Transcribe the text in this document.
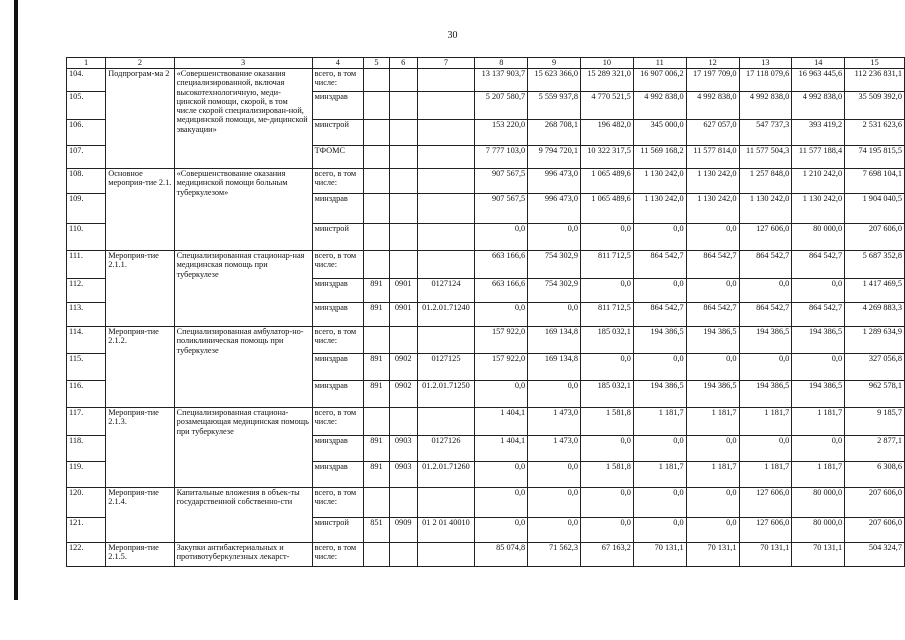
30
1	2	3	4	5	6	7	8	9	10	11	12	13	14	15
104.	Подпрограм-ма 2	«Совершенствование оказания специализированной, включая высокотехнологичную, меди-цинской помощи, скорой, в том числе скорой специализирован-ной, медицинской помощи, ме-дицинской эвакуации»	всего, в том числе:				13 137 903,7	15 623 366,0	15 289 321,0	16 907 006,2	17 197 709,0	17 118 079,6	16 963 445,6	112 236 831,1
105.			минздрав				5 207 580,7	5 559 937,8	4 770 521,5	4 992 838,0	4 992 838,0	4 992 838,0	4 992 838,0	35 509 392,0
106.			минстрой				153 220,0	268 708,1	196 482,0	345 000,0	627 057,0	547 737,3	393 419,2	2 531 623,6
107.			ТФОМС				7 777 103,0	9 794 720,1	10 322 317,5	11 569 168,2	11 577 814,0	11 577 504,3	11 577 188,4	74 195 815,5
108.	Основное мероприя-тие 2.1.	«Совершенствование оказания медицинской помощи больным туберкулезом»	всего, в том числе:				907 567,5	996 473,0	1 065 489,6	1 130 242,0	1 130 242,0	1 257 848,0	1 210 242,0	7 698 104,1
109.			минздрав				907 567,5	996 473,0	1 065 489,6	1 130 242,0	1 130 242,0	1 130 242,0	1 130 242,0	1 904 040,5
110.			минстрой				0,0	0,0	0,0	0,0	0,0	127 606,0	80 000,0	207 606,0
111.	Мероприя-тие 2.1.1.	Специализированная стационар-ная медицинская помощь при туберкулезе	всего, в том числе:				663 166,6	754 302,9	811 712,5	864 542,7	864 542,7	864 542,7	864 542,7	5 687 352,8
112.			минздрав	891	0901	0127124	663 166,6	754 302,9	0,0	0,0	0,0	0,0	0,0	1 417 469,5
113.			минздрав	891	0901	01.2.01.71240	0,0	0,0	811 712,5	864 542,7	864 542,7	864 542,7	864 542,7	4 269 883,3
114.	Мероприя-тие 2.1.2.	Специализированная амбулатор-но-поликлиническая помощь при туберкулезе	всего, в том числе:				157 922,0	169 134,8	185 032,1	194 386,5	194 386,5	194 386,5	194 386,5	1 289 634,9
115.			минздрав	891	0902	0127125	157 922,0	169 134,8	0,0	0,0	0,0	0,0	0,0	327 056,8
116.			минздрав	891	0902	01.2.01.71250	0,0	0,0	185 032,1	194 386,5	194 386,5	194 386,5	194 386,5	962 578,1
117.	Мероприя-тие 2.1.3.	Специализированная стациона-розамещающая медицинская помощь при туберкулезе	всего, в том числе:				1 404,1	1 473,0	1 581,8	1 181,7	1 181,7	1 181,7	1 181,7	9 185,7
118.			минздрав	891	0903	0127126	1 404,1	1 473,0	0,0	0,0	0,0	0,0	0,0	2 877,1
119.			минздрав	891	0903	01.2.01.71260	0,0	0,0	1 581,8	1 181,7	1 181,7	1 181,7	1 181,7	6 308,6
120.	Мероприя-тие 2.1.4.	Капитальные вложения в объек-ты государственной собственно-сти	всего, в том числе:				0,0	0,0	0,0	0,0	0,0	127 606,0	80 000,0	207 606,0
121.			минстрой	851	0909	01 2 01 40010	0,0	0,0	0,0	0,0	0,0	127 606,0	80 000,0	207 606,0
122.	Мероприя-тие 2.1.5.	Закупки антибактериальных и противотуберкулезных лекарст-	всего, в том числе:				85 074,8	71 562,3	67 163,2	70 131,1	70 131,1	70 131,1	70 131,1	504 324,7
